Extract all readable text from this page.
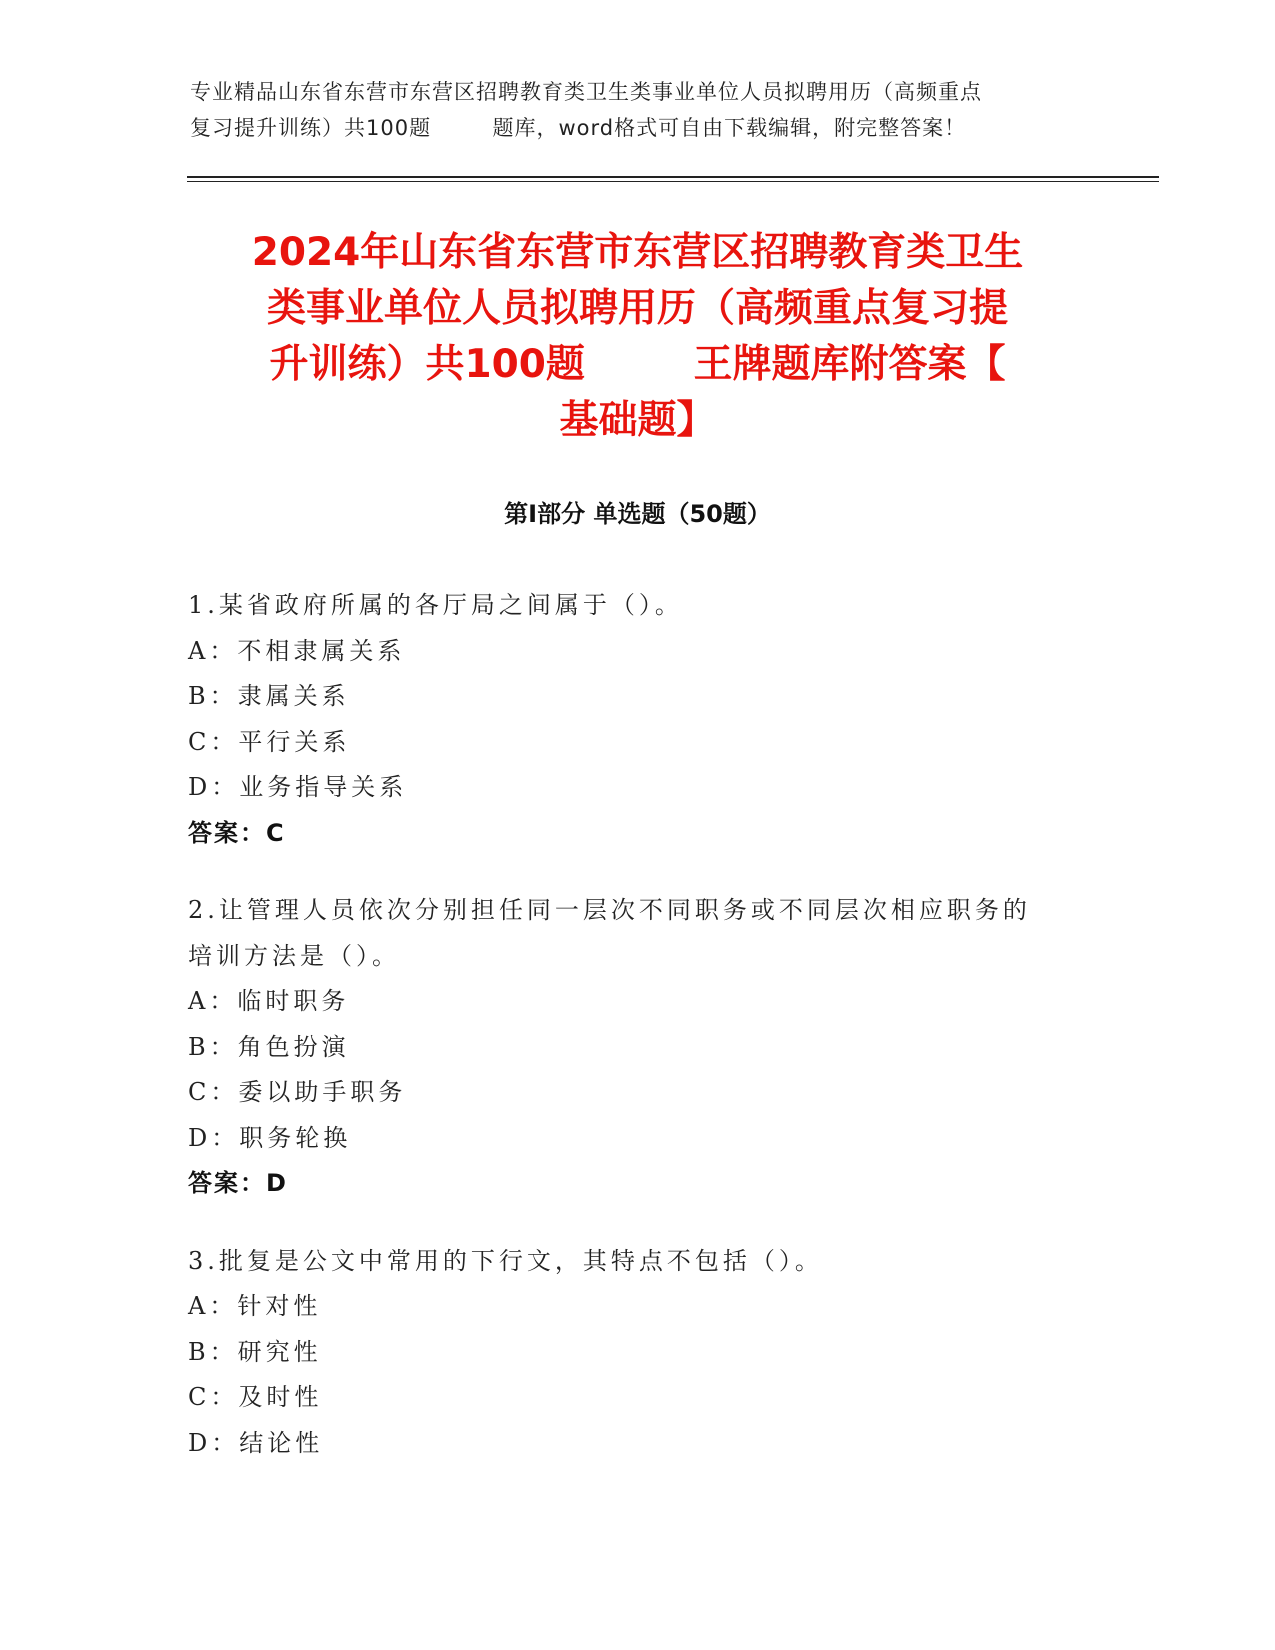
专业精品山东省东营市东营区招聘教育类卫生类事业单位人员拟聘用历（高频重点
复习提升训练）共100题        题库，word格式可自由下载编辑，附完整答案！
2024年山东省东营市东营区招聘教育类卫生
类事业单位人员拟聘用历（高频重点复习提
升训练）共100题        王牌题库附答案【
基础题】
第Ⅰ部分 单选题（50题）
1.某省政府所属的各厅局之间属于（）。
A：不相隶属关系
B：隶属关系
C：平行关系
D：业务指导关系
答案：C
2.让管理人员依次分别担任同一层次不同职务或不同层次相应职务的
培训方法是（）。
A：临时职务
B：角色扮演
C：委以助手职务
D：职务轮换
答案：D
3.批复是公文中常用的下行文，其特点不包括（）。
A：针对性
B：研究性
C：及时性
D：结论性
